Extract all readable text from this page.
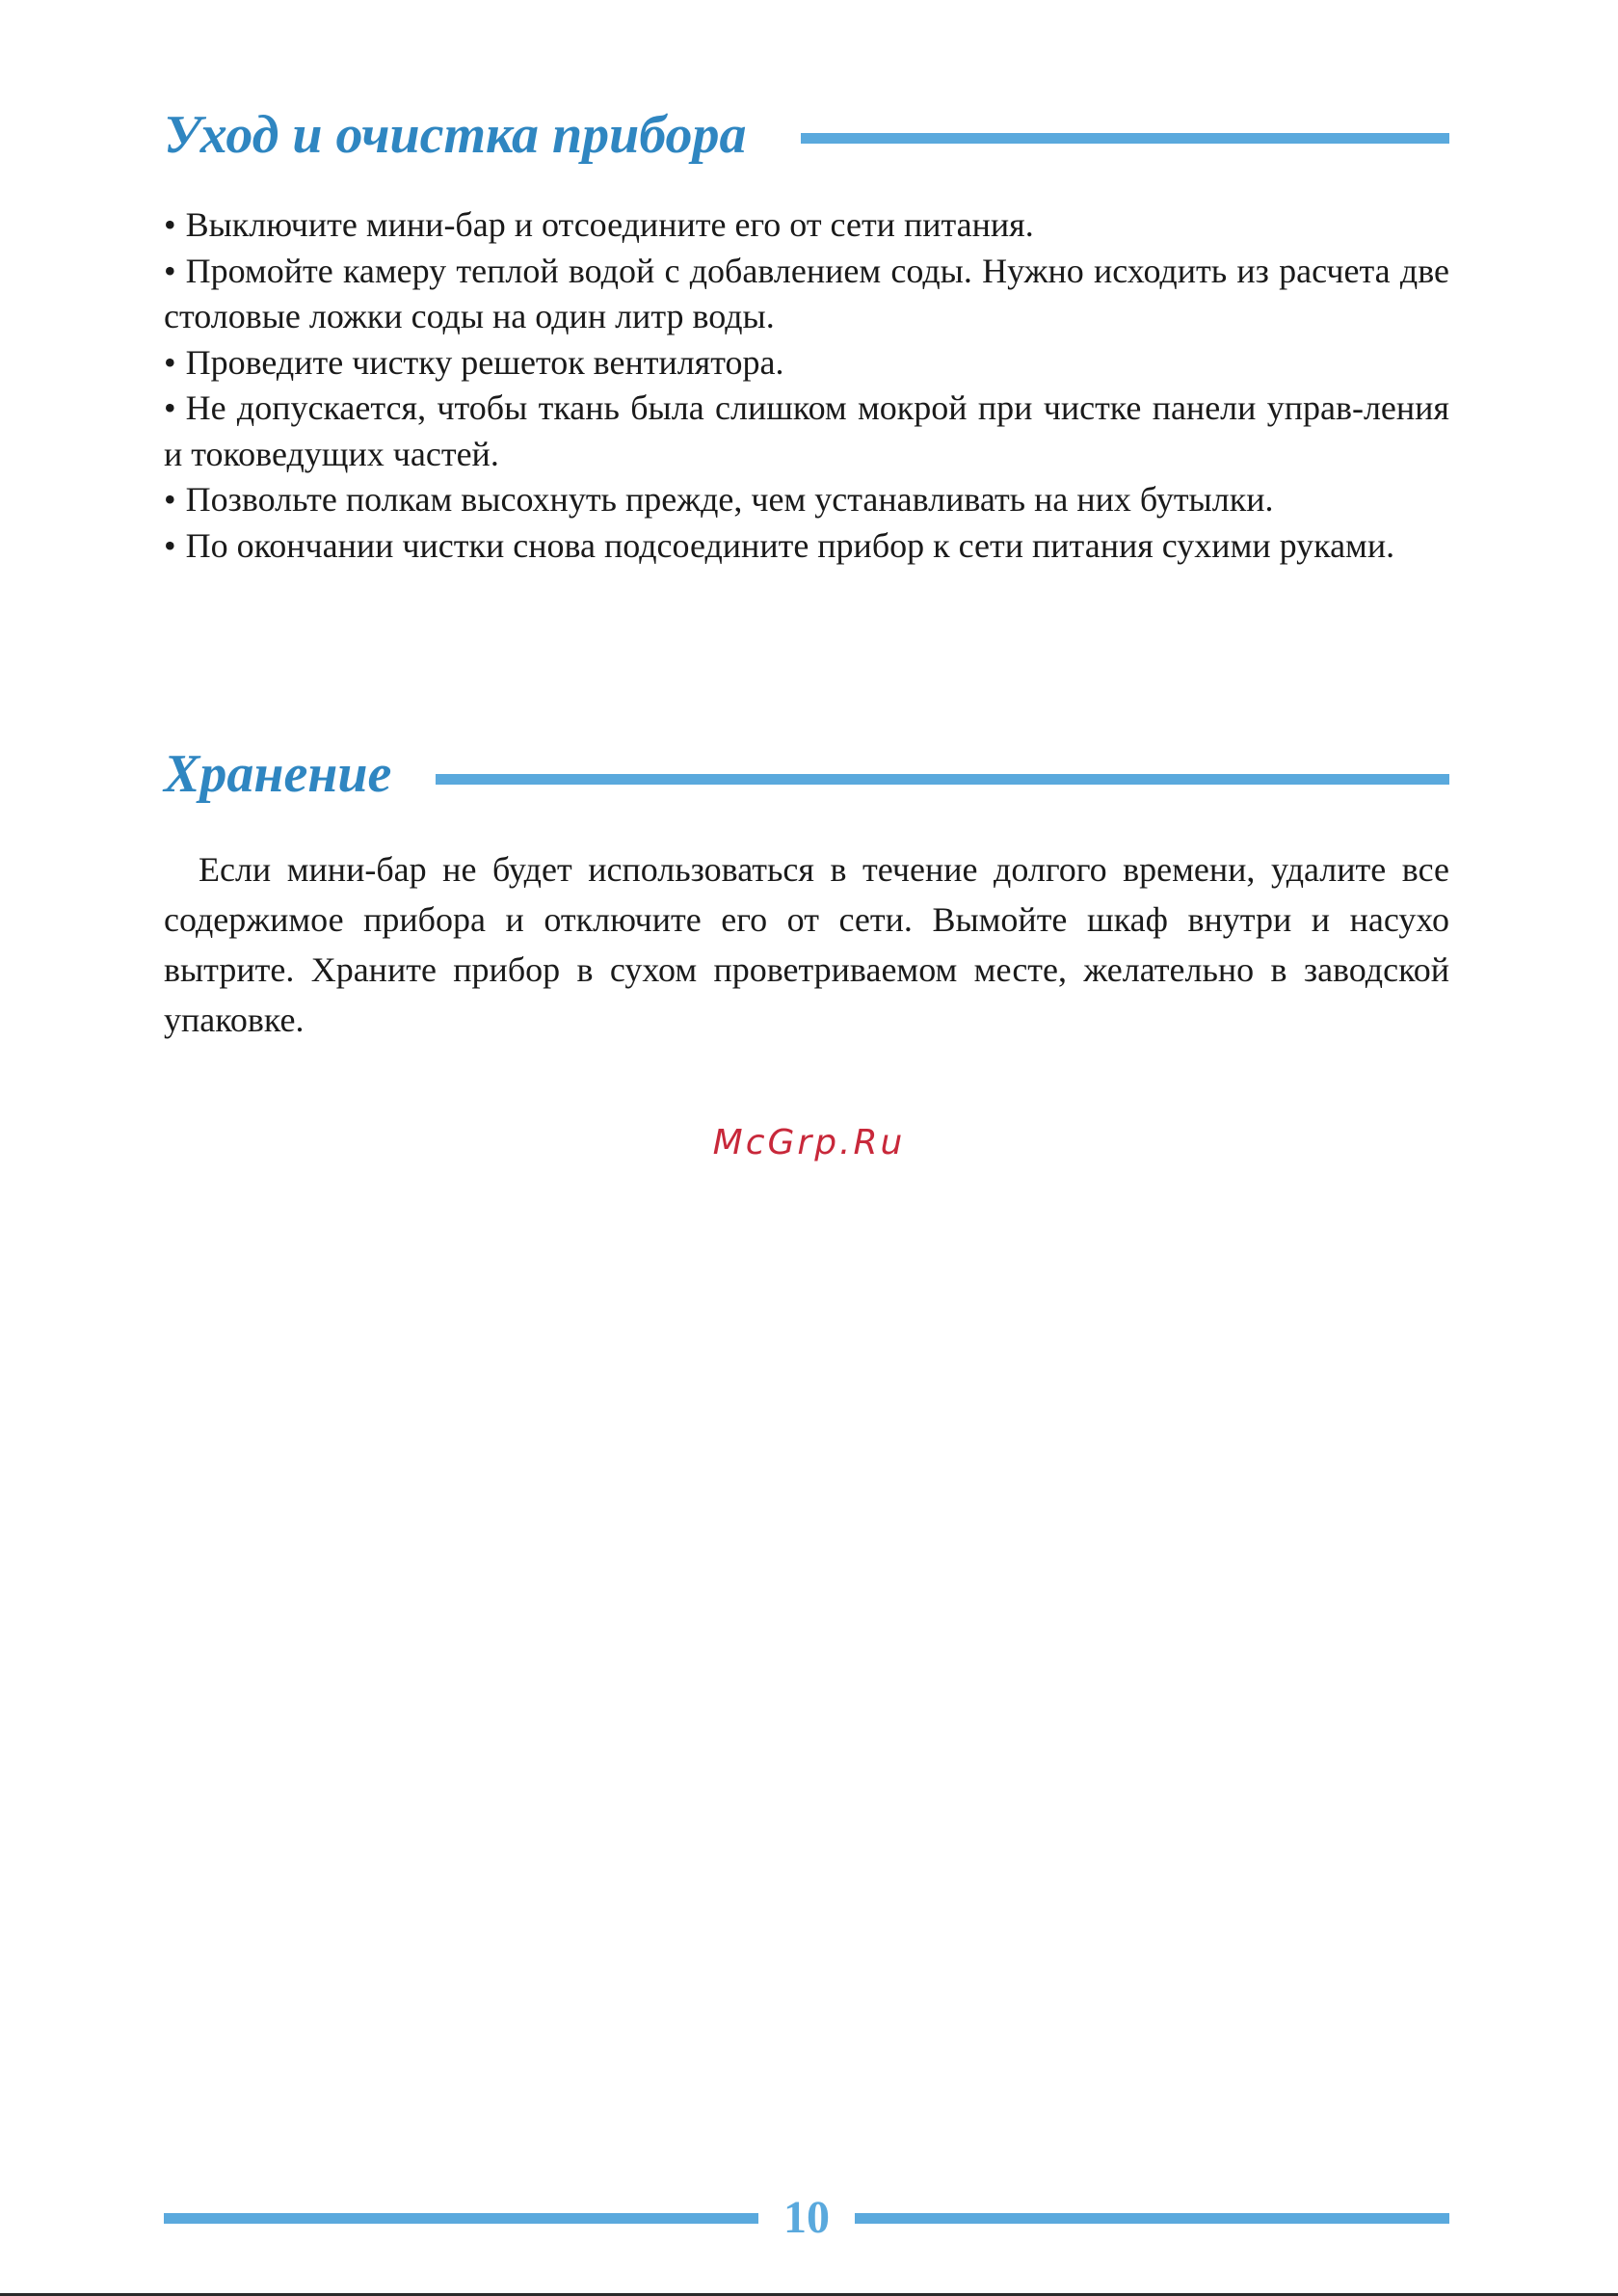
Уход и очистка прибора
• Выключите мини-бар и отсоедините его от сети питания.
• Промойте камеру теплой водой с добавлением соды. Нужно исходить из расчета две столовые ложки соды на один литр воды.
• Проведите чистку решеток вентилятора.
• Не допускается, чтобы ткань была слишком мокрой при чистке панели управ-ления и токоведущих частей.
• Позвольте полкам высохнуть прежде, чем устанавливать на них бутылки.
• По окончании чистки снова подсоедините прибор к сети питания сухими руками.
Хранение

Если мини-бар не будет использоваться в течение долгого времени, удалите все содержимое прибора и отключите его от сети. Вымойте шкаф внутри и насухо вытрите. Храните прибор в сухом проветриваемом месте, желательно в заводской упаковке.

McGrp.Ru
10
